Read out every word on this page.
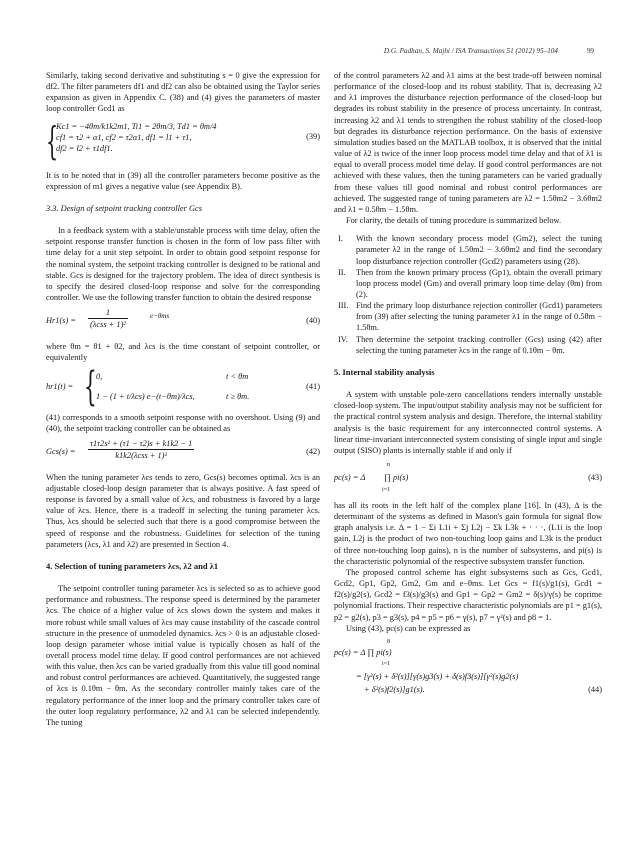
D.G. Padhan, S. Majhi / ISA Transactions 51 (2012) 95–104	99

Similarly, taking second derivative and substituting s = 0 give the expression for df2. The filter parameters df1 and df2 can also be obtained using the Taylor series expansion as given in Appendix C. (38) and (4) gives the parameters of master loop controller Gcd1 as

{
Kc1 = −4θm/k1k2m1, Ti1 = 2θm/3, Td1 = θm/4
cf1 = τ2 + α1, cf2 = τ2α1, df1 = l1 + τ1,
df2 = l2 + τ1df1.
(39)

It is to be noted that in (39) all the controller parameters become positive as the expression of m1 gives a negative value (see Appendix B).

3.3. Design of setpoint tracking controller Gcs

In a feedback system with a stable/unstable process with time delay, often the setpoint response transfer function is chosen in the form of low pass filter with time delay for a unit step setpoint. In order to obtain good setpoint response for the nominal system, the setpoint tracking controller is designed to be rational and stable. Gcs is designed for the trajectory problem. The idea of direct synthesis is to specify the desired closed-loop response and solve for the corresponding controller. We use the following transfer function to obtain the desired response

Hr1(s) =
1
(λcss + 1)²
e−θms	(40)

where θm = θ1 + θ2, and λcs is the time constant of setpoint controller, or equivalently

hr1(t) = { 0,	t < θm
1 − (1 + t/λcs) e−(t−θm)/λcs,	t ≥ θm.
(41)

(41) corresponds to a smooth setpoint response with no overshoot. Using (9) and (40), the setpoint tracking controller can be obtained as

Gcs(s) =
τ1τ2s² + (τ1 − τ2)s + k1k2 − 1
k1k2(λcss + 1)²	(42)

When the tuning parameter λcs tends to zero, Gcs(s) becomes optimal. λcs is an adjustable closed-loop design parameter that is always positive. A fast speed of response is favored by a small value of λcs, and robustness is favored by a large value of λcs. Hence, there is a tradeoff in selecting the tuning parameter λcs. Thus, λcs should be selected such that there is a good compromise between the speed of response and the robustness. Guidelines for selection of the tuning parameters (λcs, λ1 and λ2) are presented in Section 4.

4. Selection of tuning parameters λcs, λ2 and λ1

The setpoint controller tuning parameter λcs is selected so as to achieve good performance and robustness. The response speed is determined by the parameter λcs. The choice of a higher value of λcs slows down the system and makes it more robust while small values of λcs may cause instability of the cascade control structure in the presence of unmodeled dynamics. λcs > 0 is an adjustable closed-loop design parameter whose initial value is typically chosen as half of the overall process model time delay. If good control performances are not achieved with this value, then λcs can be varied gradually from this value till good nominal and robust control performances are achieved. Quantitatively, the suggested range of λcs is 0.1θm − θm. As the secondary controller mainly takes care of the regulatory performance of the inner loop and the primary controller takes care of the outer loop regulatory performance, λ2 and λ1 can be selected independently. The tuning

of the control parameters λ2 and λ1 aims at the best trade-off between nominal performance of the closed-loop and its robust stability. That is, decreasing λ2 and λ1 improves the disturbance rejection performance of the closed-loop but degrades its robust stability in the presence of process uncertainty. In contrast, increasing λ2 and λ1 tends to strengthen the robust stability of the closed-loop but degrades its disturbance rejection performance. On the basis of extensive simulation studies based on the MATLAB toolbox, it is observed that the initial value of λ2 is twice of the inner loop process model time delay and that of λ1 is equal to overall process model time delay. If good control performances are not achieved with these values, then the tuning parameters can be varied gradually from these values till good nominal and robust control performances are achieved. The suggested range of tuning parameters are λ2 = 1.5θm2 − 3.6θm2 and λ1 = 0.5θm − 1.5θm.

For clarity, the details of tuning procedure is summarized below.

I. With the known secondary process model (Gm2), select the tuning parameter λ2 in the range of 1.5θm2 − 3.6θm2 and find the secondary loop disturbance rejection controller (Gcd2) parameters using (28).
II. Then from the known primary process (Gp1), obtain the overall primary loop process model (Gm) and overall primary loop time delay (θm) from (2).
III. Find the primary loop disturbance rejection controller (Gcd1) parameters from (39) after selecting the tuning parameter λ1 in the range of 0.5θm − 1.5θm.
IV. Then determine the setpoint tracking controller (Gcs) using (42) after selecting the tuning parameter λcs in the range of 0.1θm − θm.

5. Internal stability analysis

A system with unstable pole-zero cancellations renders internally unstable closed-loop system. The input/output stability analysis may not be sufficient for the practical control system analysis and design. Therefore, the internal stability analysis is the basic requirement for any interconnected control systems. A linear time-invariant interconnected system consisting of single input and single output (SISO) plants is internally stable if and only if

pc(s) = Δ
n
∏ pi(s)
i=1
(43)

has all its roots in the left half of the complex plane [16]. In (43), Δ is the determinant of the systems as defined in Mason's gain formula for signal flow graph analysis i.e. Δ = 1 − Σi L1i + Σj L2j − Σk L3k + · · ·, (L1i is the loop gain, L2j is the product of two non-touching loop gains and L3k is the product of three non-touching loop gains), n is the number of subsystems, and pi(s) is the characteristic polynomial of the respective subsystem transfer function.

The proposed control scheme has eight subsystems such as Gcs, Gcd1, Gcd2, Gp1, Gp2, Gm2, Gm and e−θms. Let Gcs = f1(s)/g1(s), Gcd1 = f2(s)/g2(s), Gcd2 = f3(s)/g3(s) and Gp1 = Gp2 = Gm2 = δ(s)/γ(s) be coprime polynomial fractions. Their respective characteristic polynomials are p1 = g1(s), p2 = g2(s), p3 = g3(s), p4 = p5 = p6 = γ(s), p7 = γ²(s) and p8 = 1.

Using (43), pc(s) can be expressed as

8
pc(s) = Δ ∏ pi(s)
i=1
= [γ²(s) + δ²(s)][γ(s)g3(s) + δ(s)f3(s)][γ²(s)g2(s)
+ δ²(s)f2(s)]g1(s).	(44)
